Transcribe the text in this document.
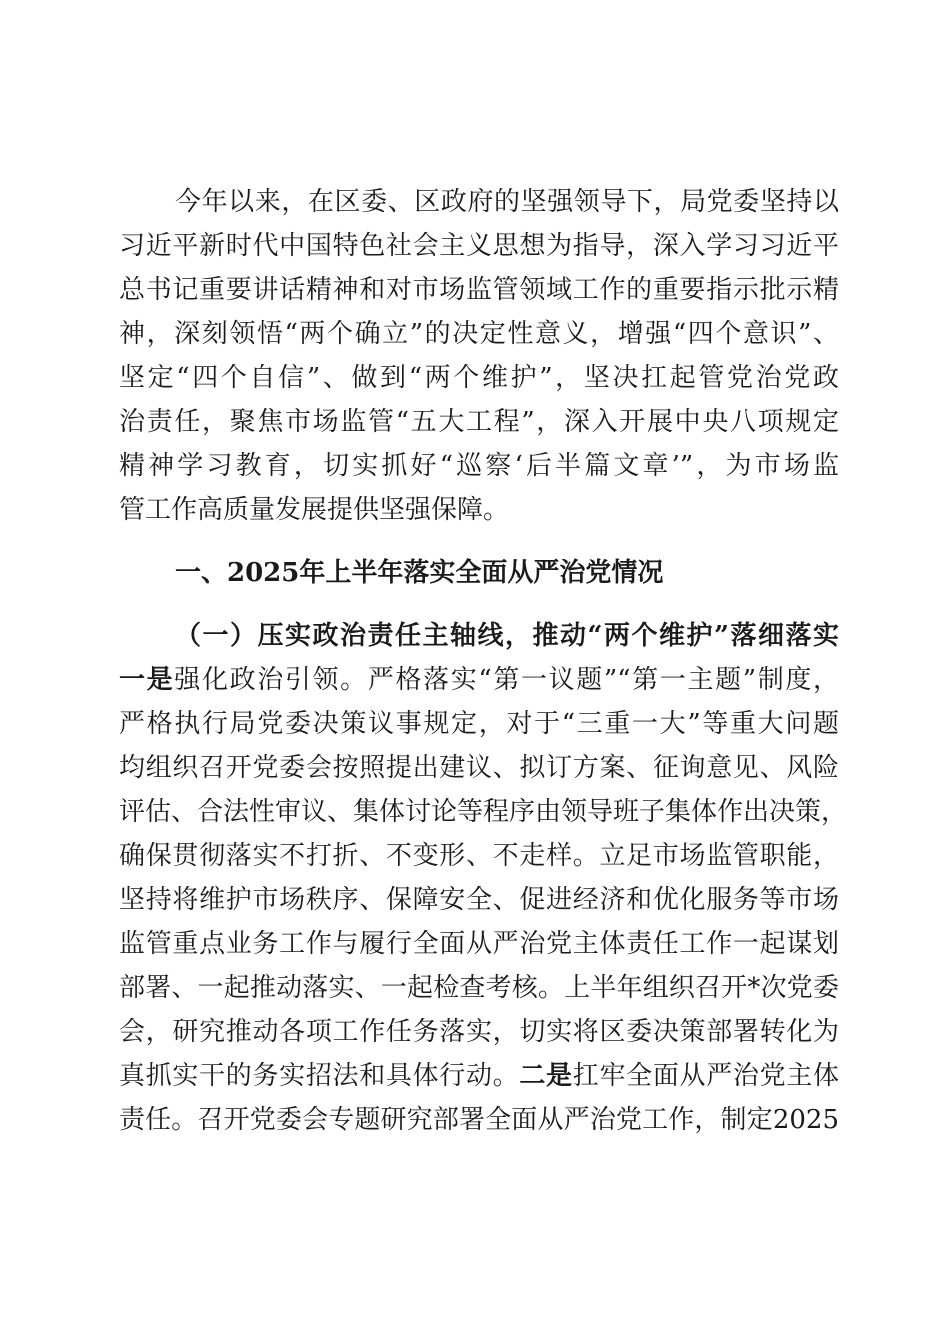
今年以来，在区委、区政府的坚强领导下，局党委坚持以
习近平新时代中国特色社会主义思想为指导，深入学习习近平
总书记重要讲话精神和对市场监管领域工作的重要指示批示精
神，深刻领悟“两个确立”的决定性意义，增强“四个意识”、
坚定“四个自信”、做到“两个维护”，坚决扛起管党治党政
治责任，聚焦市场监管“五大工程”，深入开展中央八项规定
精神学习教育，切实抓好“巡察‘后半篇文章’”，为市场监
管工作高质量发展提供坚强保障。
一、2025年上半年落实全面从严治党情况
（一）压实政治责任主轴线，推动“两个维护”落细落实
一是强化政治引领。严格落实“第一议题”“第一主题”制度，
严格执行局党委决策议事规定，对于“三重一大”等重大问题
均组织召开党委会按照提出建议、拟订方案、征询意见、风险
评估、合法性审议、集体讨论等程序由领导班子集体作出决策，
确保贯彻落实不打折、不变形、不走样。立足市场监管职能，
坚持将维护市场秩序、保障安全、促进经济和优化服务等市场
监管重点业务工作与履行全面从严治党主体责任工作一起谋划
部署、一起推动落实、一起检查考核。上半年组织召开*次党委
会，研究推动各项工作任务落实，切实将区委决策部署转化为
真抓实干的务实招法和具体行动。二是扛牢全面从严治党主体
责任。召开党委会专题研究部署全面从严治党工作，制定2025
